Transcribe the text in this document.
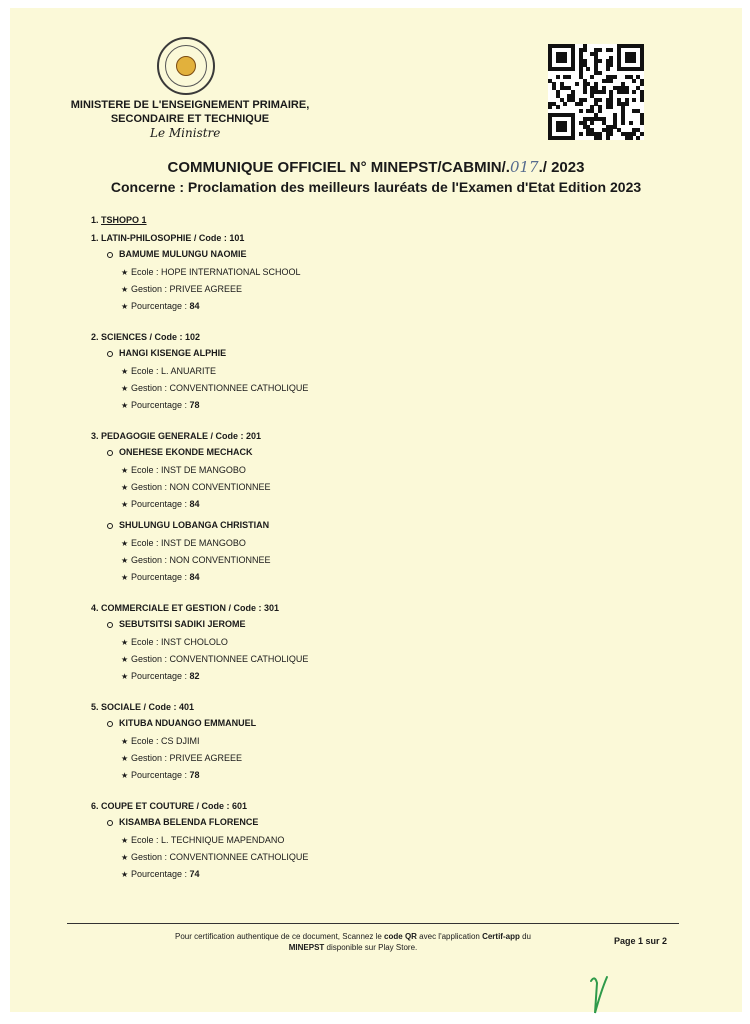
MINISTERE DE L'ENSEIGNEMENT PRIMAIRE,
SECONDAIRE ET TECHNIQUE
Le Ministre
COMMUNIQUE OFFICIEL N° MINEPST/CABMIN/.017./ 2023
Concerne : Proclamation des meilleurs lauréats de l'Examen d'Etat Edition 2023
1. TSHOPO 1
1. LATIN-PHILOSOPHIE / Code : 101
BAMUME MULUNGU NAOMIE
★ Ecole : HOPE INTERNATIONAL SCHOOL
★ Gestion : PRIVEE AGREEE
★ Pourcentage : 84
2. SCIENCES / Code : 102
HANGI KISENGE ALPHIE
★ Ecole : L. ANUARITE
★ Gestion : CONVENTIONNEE CATHOLIQUE
★ Pourcentage : 78
3. PEDAGOGIE GENERALE / Code : 201
ONEHESE EKONDE MECHACK
★ Ecole : INST DE MANGOBO
★ Gestion : NON CONVENTIONNEE
★ Pourcentage : 84
SHULUNGU LOBANGA CHRISTIAN
★ Ecole : INST DE MANGOBO
★ Gestion : NON CONVENTIONNEE
★ Pourcentage : 84
4. COMMERCIALE ET GESTION / Code : 301
SEBUTSITSI SADIKI JEROME
★ Ecole : INST CHOLOLO
★ Gestion : CONVENTIONNEE CATHOLIQUE
★ Pourcentage : 82
5. SOCIALE / Code : 401
KITUBA NDUANGO EMMANUEL
★ Ecole : CS DJIMI
★ Gestion : PRIVEE AGREEE
★ Pourcentage : 78
6. COUPE ET COUTURE / Code : 601
KISAMBA BELENDA FLORENCE
★ Ecole : L. TECHNIQUE MAPENDANO
★ Gestion : CONVENTIONNEE CATHOLIQUE
★ Pourcentage : 74
Pour certification authentique de ce document, Scannez le code QR avec l'application Certif-app du
MINEPST disponible sur Play Store.
Page 1 sur 2
